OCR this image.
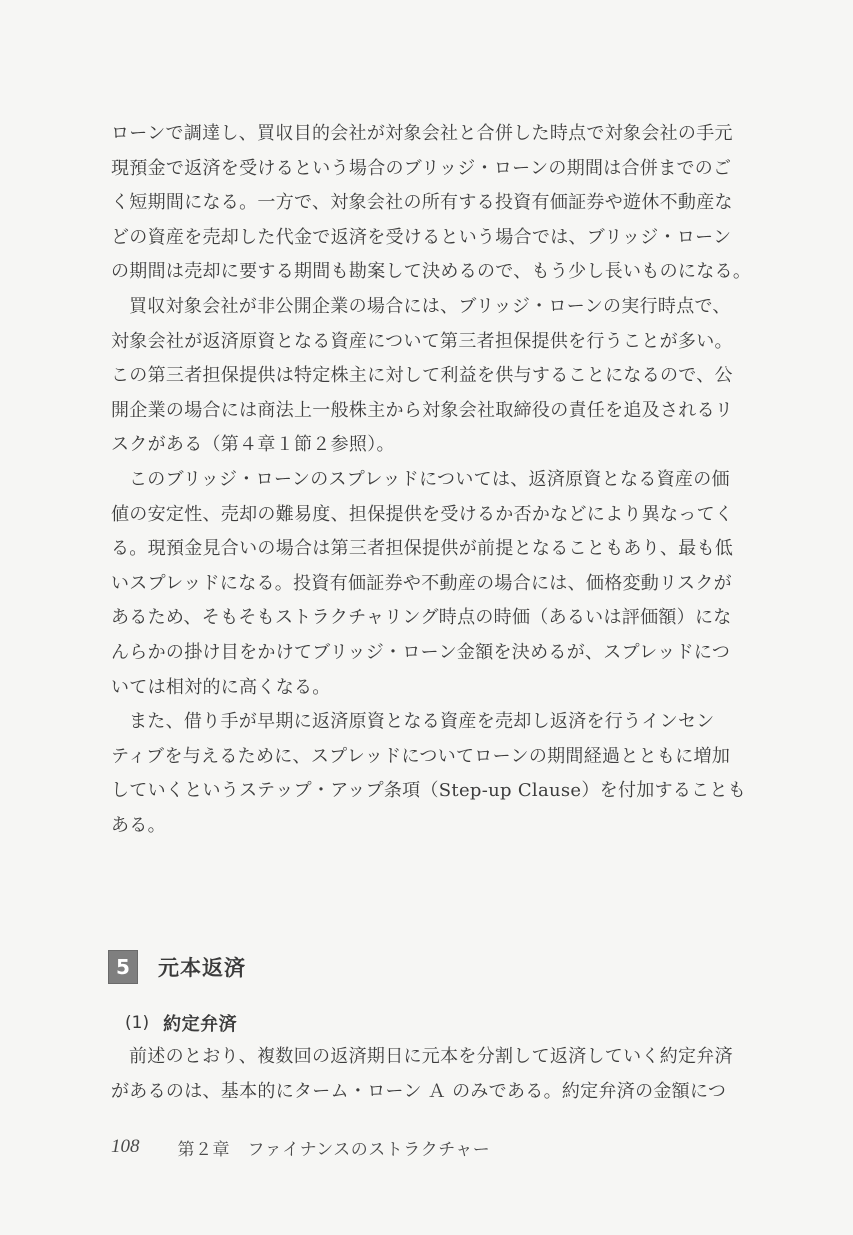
ローンで調達し、買収目的会社が対象会社と合併した時点で対象会社の手元
現預金で返済を受けるという場合のブリッジ・ローンの期間は合併までのご
く短期間になる。一方で、対象会社の所有する投資有価証券や遊休不動産な
どの資産を売却した代金で返済を受けるという場合では、ブリッジ・ローン
の期間は売却に要する期間も勘案して決めるので、もう少し長いものになる。
買収対象会社が非公開企業の場合には、ブリッジ・ローンの実行時点で、
対象会社が返済原資となる資産について第三者担保提供を行うことが多い。
この第三者担保提供は特定株主に対して利益を供与することになるので、公
開企業の場合には商法上一般株主から対象会社取締役の責任を追及されるリ
スクがある（第４章１節２参照）。
このブリッジ・ローンのスプレッドについては、返済原資となる資産の価
値の安定性、売却の難易度、担保提供を受けるか否かなどにより異なってく
る。現預金見合いの場合は第三者担保提供が前提となることもあり、最も低
いスプレッドになる。投資有価証券や不動産の場合には、価格変動リスクが
あるため、そもそもストラクチャリング時点の時価（あるいは評価額）にな
んらかの掛け目をかけてブリッジ・ローン金額を決めるが、スプレッドにつ
いては相対的に高くなる。
また、借り手が早期に返済原資となる資産を売却し返済を行うインセン
ティブを与えるために、スプレッドについてローンの期間経過とともに増加
していくというステップ・アップ条項（Step-up Clause）を付加することも
ある。
5	元本返済
(1) 約定弁済
前述のとおり、複数回の返済期日に元本を分割して返済していく約定弁済
があるのは、基本的にターム・ローン Ａ のみである。約定弁済の金額につ
108 第２章　ファイナンスのストラクチャー
